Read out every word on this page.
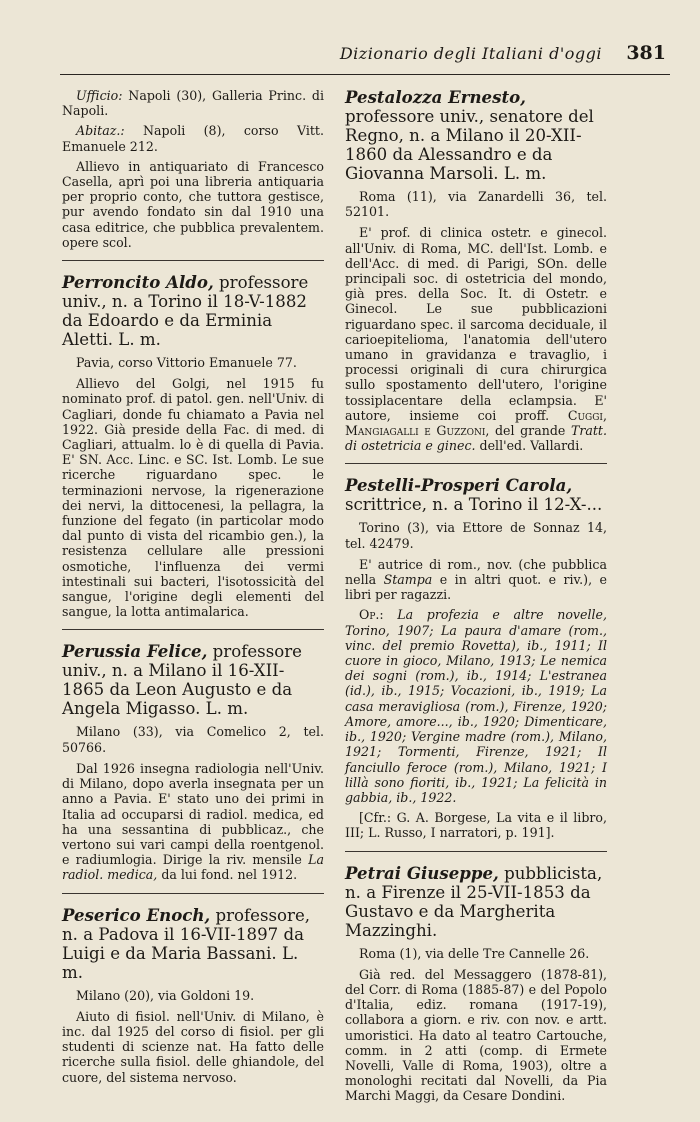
Dizionario degli Italiani d'oggi 381

Ufficio: Napoli (30), Galleria Princ. di Napoli.

Abitaz.: Napoli (8), corso Vitt. Emanuele 212.

Allievo in antiquariato di Francesco Casella, aprì poi una libreria antiquaria per proprio conto, che tuttora gestisce, pur avendo fondato sin dal 1910 una casa editrice, che pubblica prevalentem. opere scol.

Perroncito Aldo, professore univ., n. a Torino il 18-V-1882 da Edoardo e da Erminia Aletti. L. m.

Pavia, corso Vittorio Emanuele 77.

Allievo del Golgi, nel 1915 fu nominato prof. di patol. gen. nell'Univ. di Cagliari, donde fu chiamato a Pavia nel 1922. Già preside della Fac. di med. di Cagliari, attualm. lo è di quella di Pavia. E' SN. Acc. Linc. e SC. Ist. Lomb. Le sue ricerche riguardano spec. le terminazioni nervose, la rigenerazione dei nervi, la dittocenesi, la pellagra, la funzione del fegato (in particolar modo dal punto di vista del ricambio gen.), la resistenza cellulare alle pressioni osmotiche, l'influenza dei vermi intestinali sui bacteri, l'isotossicità del sangue, l'origine degli elementi del sangue, la lotta antimalarica.

Perussia Felice, professore univ., n. a Milano il 16-XII-1865 da Leon Augusto e da Angela Migasso. L. m.

Milano (33), via Comelico 2, tel. 50766.

Dal 1926 insegna radiologia nell'Univ. di Milano, dopo averla insegnata per un anno a Pavia. E' stato uno dei primi in Italia ad occuparsi di radiol. medica, ed ha una sessantina di pubblicaz., che vertono sui vari campi della roentgenol. e radiumlogia. Dirige la riv. mensile La radiol. medica, da lui fond. nel 1912.

Peserico Enoch, professore, n. a Padova il 16-VII-1897 da Luigi e da Maria Bassani. L. m.

Milano (20), via Goldoni 19.

Aiuto di fisiol. nell'Univ. di Milano, è inc. dal 1925 del corso di fisiol. per gli studenti di scienze nat. Ha fatto delle ricerche sulla fisiol. delle ghiandole, del cuore, del sistema nervoso.

Pestalozza Ernesto, professore univ., senatore del Regno, n. a Milano il 20-XII-1860 da Alessandro e da Giovanna Marsoli. L. m.

Roma (11), via Zanardelli 36, tel. 52101.

E' prof. di clinica ostetr. e ginecol. all'Univ. di Roma, MC. dell'Ist. Lomb. e dell'Acc. di med. di Parigi, SOn. delle principali soc. di ostetricia del mondo, già pres. della Soc. It. di Ostetr. e Ginecol. Le sue pubblicazioni riguardano spec. il sarcoma deciduale, il carioepitelioma, l'anatomia dell'utero umano in gravidanza e travaglio, i processi originali di cura chirurgica sullo spostamento dell'utero, l'origine tossiplacentare della eclampsia. E' autore, insieme coi proff. Cuggi, Mangiagalli e Guzzoni, del grande Tratt. di ostetricia e ginec. dell'ed. Vallardi.

Pestelli-Prosperi Carola, scrittrice, n. a Torino il 12-X-...

Torino (3), via Ettore de Sonnaz 14, tel. 42479.

E' autrice di rom., nov. (che pubblica nella Stampa e in altri quot. e riv.), e libri per ragazzi.

Op.: La profezia e altre novelle, Torino, 1907; La paura d'amare (rom., vinc. del premio Rovetta), ib., 1911; Il cuore in gioco, Milano, 1913; Le nemica dei sogni (rom.), ib., 1914; L'estranea (id.), ib., 1915; Vocazioni, ib., 1919; La casa meravigliosa (rom.), Firenze, 1920; Amore, amore..., ib., 1920; Dimenticare, ib., 1920; Vergine madre (rom.), Milano, 1921; Tormenti, Firenze, 1921; Il fanciullo feroce (rom.), Milano, 1921; I lillà sono fioriti, ib., 1921; La felicità in gabbia, ib., 1922.

[Cfr.: G. A. Borgese, La vita e il libro, III; L. Russo, I narratori, p. 191].

Petrai Giuseppe, pubblicista, n. a Firenze il 25-VII-1853 da Gustavo e da Margherita Mazzinghi.

Roma (1), via delle Tre Cannelle 26.

Già red. del Messaggero (1878-81), del Corr. di Roma (1885-87) e del Popolo d'Italia, ediz. romana (1917-19), collabora a giorn. e riv. con nov. e artt. umoristici. Ha dato al teatro Cartouche, comm. in 2 atti (comp. di Ermete Novelli, Valle di Roma, 1903), oltre a monologhi recitati dal Novelli, da Pia Marchi Maggi, da Cesare Dondini.
